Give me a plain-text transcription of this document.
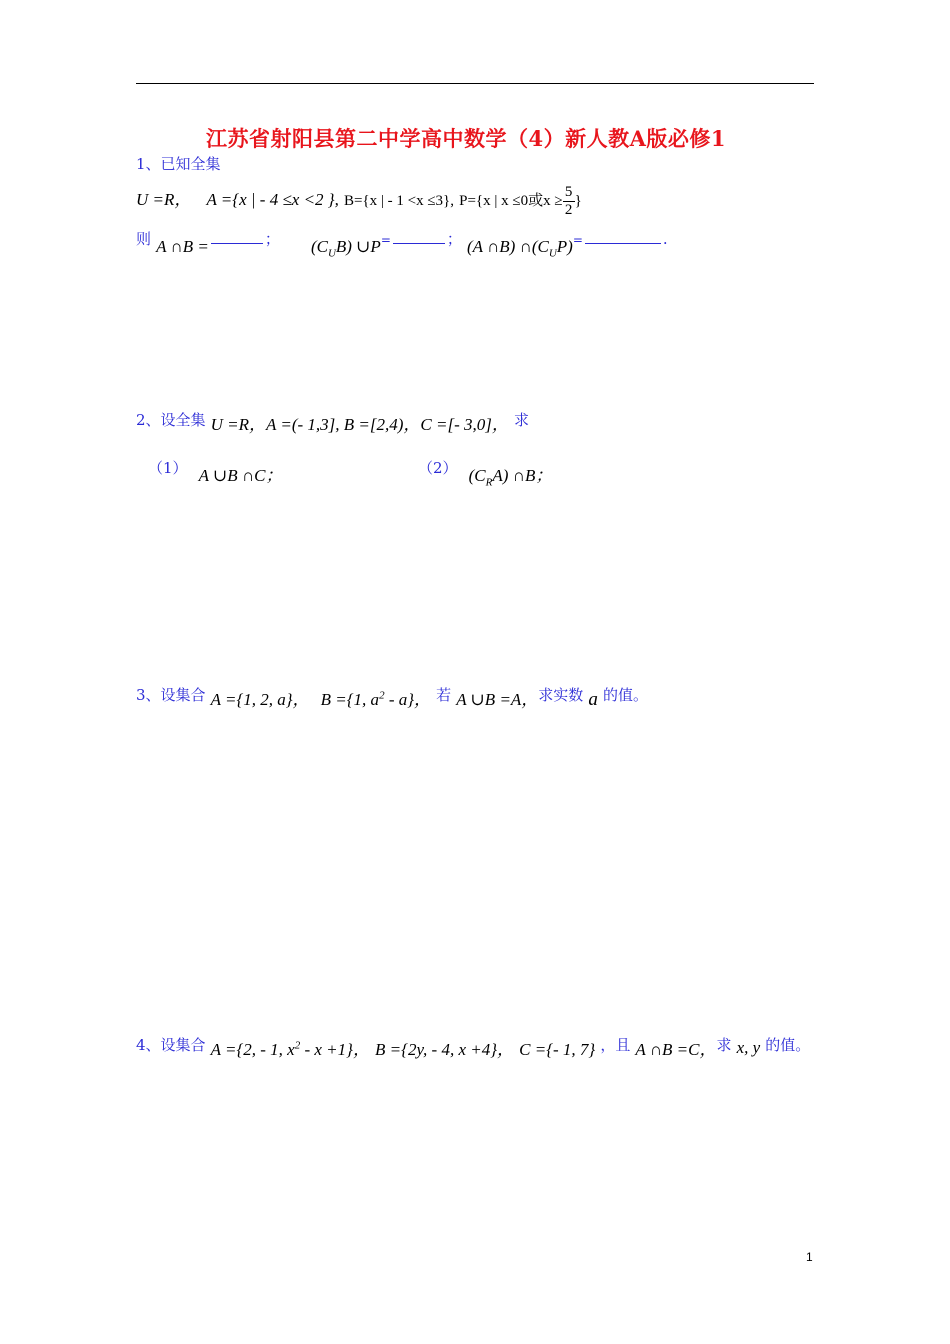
江苏省射阳县第二中学高中数学（4）新人教A版必修1
1、已知全集
U =R， A ={x | - 4 ≤x <2 }, B={x | - 1 <x ≤3}, P={x | x ≤0或$x \ge \frac{5}{2}$ }
则 A ∩B =	； $(C_UB)$ ∪P=	； (A ∩B) $\cap(C_UP)=$	.
2、设全集 U =R，A =(- 1,3], B =[2,4)，C =[- 3,0]， 求
（1） A ∪B ∩C；	（2） $(C_RA)$ ∩B；
3、设集合 A ={1, 2, a}， B ={1, $a^2 - a$}， 若 A ∪B =A，求实数 a 的值。
4、设集合 A ={2, - 1, $x^2 - x +1$}， B ={2y, - 4, x +4}， C ={- 1, 7} ，且 A ∩B =C，求 x, y 的值。
1
